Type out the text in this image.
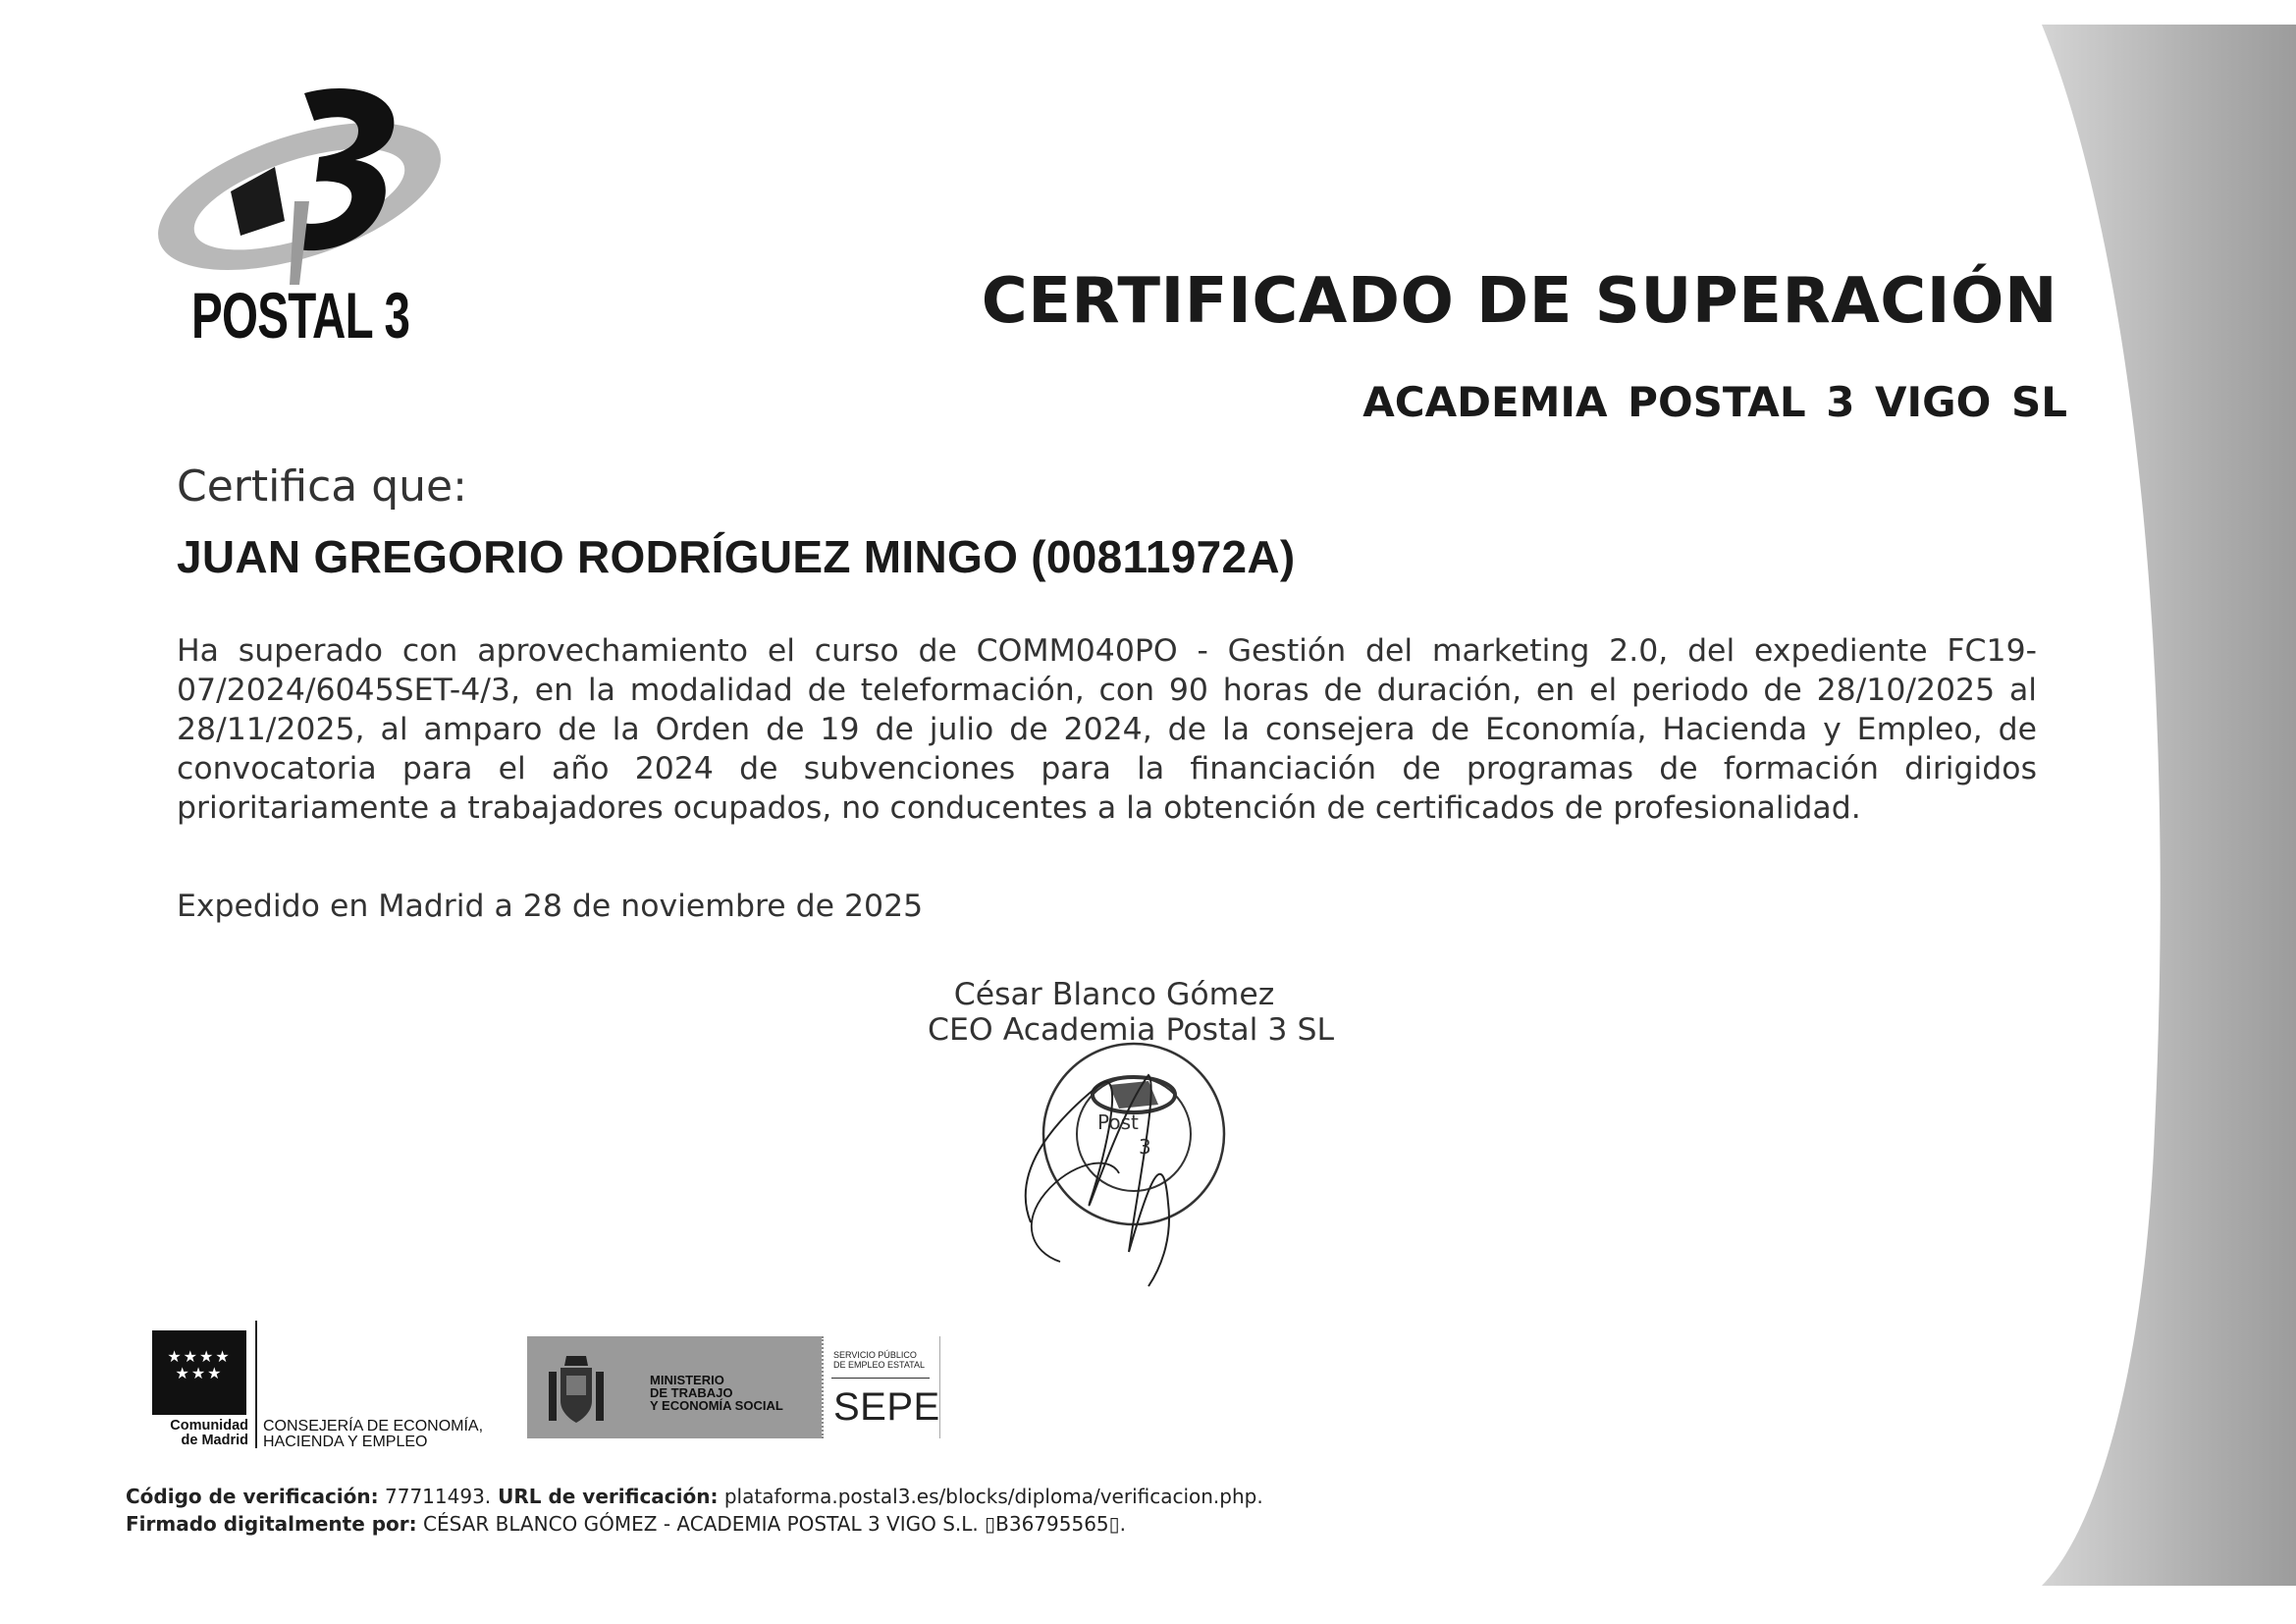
POSTAL 3	CERTIFICADO DE SUPERACIÓN
ACADEMIA POSTAL 3 VIGO SL
Certifica que:
JUAN GREGORIO RODRÍGUEZ MINGO (00811972A)
Ha superado con aprovechamiento el curso de COMM040PO - Gestión del marketing 2.0, del expediente FC19-07/2024/6045SET-4/3, en la modalidad de teleformación, con 90 horas de duración, en el periodo de 28/10/2025 al 28/11/2025, al amparo de la Orden de 19 de julio de 2024, de la consejera de Economía, Hacienda y Empleo, de convocatoria para el año 2024 de subvenciones para la financiación de programas de formación dirigidos prioritariamente a trabajadores ocupados, no conducentes a la obtención de certificados de profesionalidad.
Expedido en Madrid a 28 de noviembre de 2025
Post
3
César Blanco Gómez
CEO Academia Postal 3 SL
★★★★
★★★
Comunidad
de Madrid
CONSEJERÍA DE ECONOMÍA,
HACIENDA Y EMPLEO
MINISTERIO
DE TRABAJO
Y ECONOMÍA SOCIAL
SERVICIO PÚBLICO
DE EMPLEO ESTATAL
SEPE
Código de verificación: 77711493. URL de verificación: plataforma.postal3.es/blocks/diploma/verificacion.php.
Firmado digitalmente por: CÉSAR BLANCO GÓMEZ - ACADEMIA POSTAL 3 VIGO S.L. ▯B36795565▯.
